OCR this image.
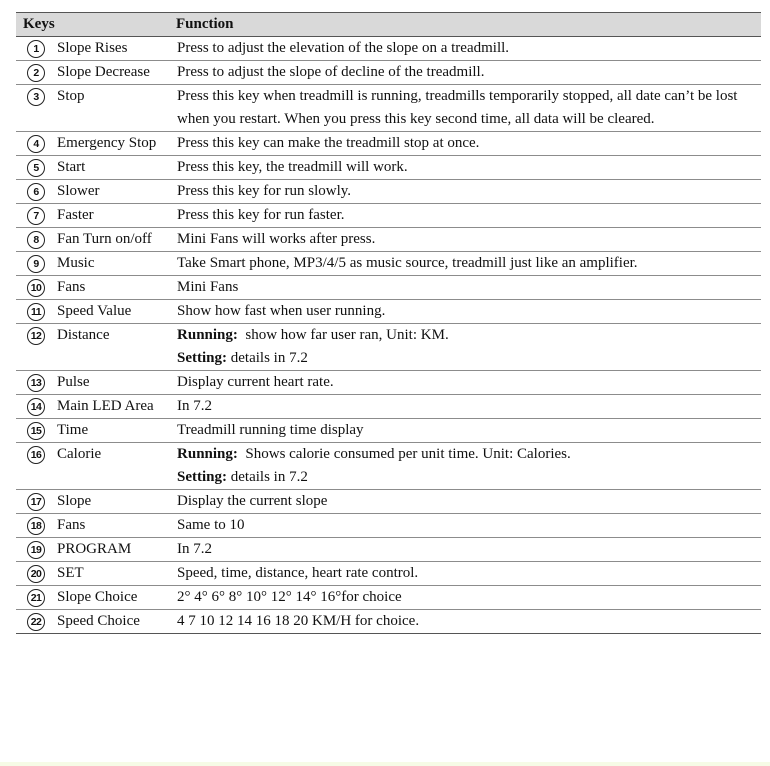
Keys		Function
1	Slope Rises	Press to adjust the elevation of the slope on a treadmill.

2	Slope Decrease	Press to adjust the slope of decline of the treadmill.

3	Stop	Press this key when treadmill is running, treadmills temporarily stopped, all date can’t be lost when you restart. When you press this key second time, all data will be cleared.

4	Emergency Stop	Press this key can make the treadmill stop at once.

5	Start	Press this key, the treadmill will work.

6	Slower	Press this key for run slowly.

7	Faster	Press this key for run faster.

8	Fan Turn on/off	Mini Fans will works after press.

9	Music	Take Smart phone, MP3/4/5 as music source, treadmill just like an amplifier.

10	Fans	Mini Fans

11	Speed Value	Show how fast when user running.

12	Distance	Running:  show how far user ran, Unit: KM.
Setting: details in 7.2

13	Pulse	Display current heart rate.

14	Main LED Area	In 7.2

15	Time	Treadmill running time display

16	Calorie	Running:  Shows calorie consumed per unit time. Unit: Calories.
Setting: details in 7.2

17	Slope	Display the current slope

18	Fans	Same to 10

19	PROGRAM	In 7.2

20	SET	Speed, time, distance, heart rate control.

21	Slope Choice	2° 4° 6° 8° 10° 12° 14° 16°for choice

22	Speed Choice	4 7 10 12 14 16 18 20 KM/H for choice.
